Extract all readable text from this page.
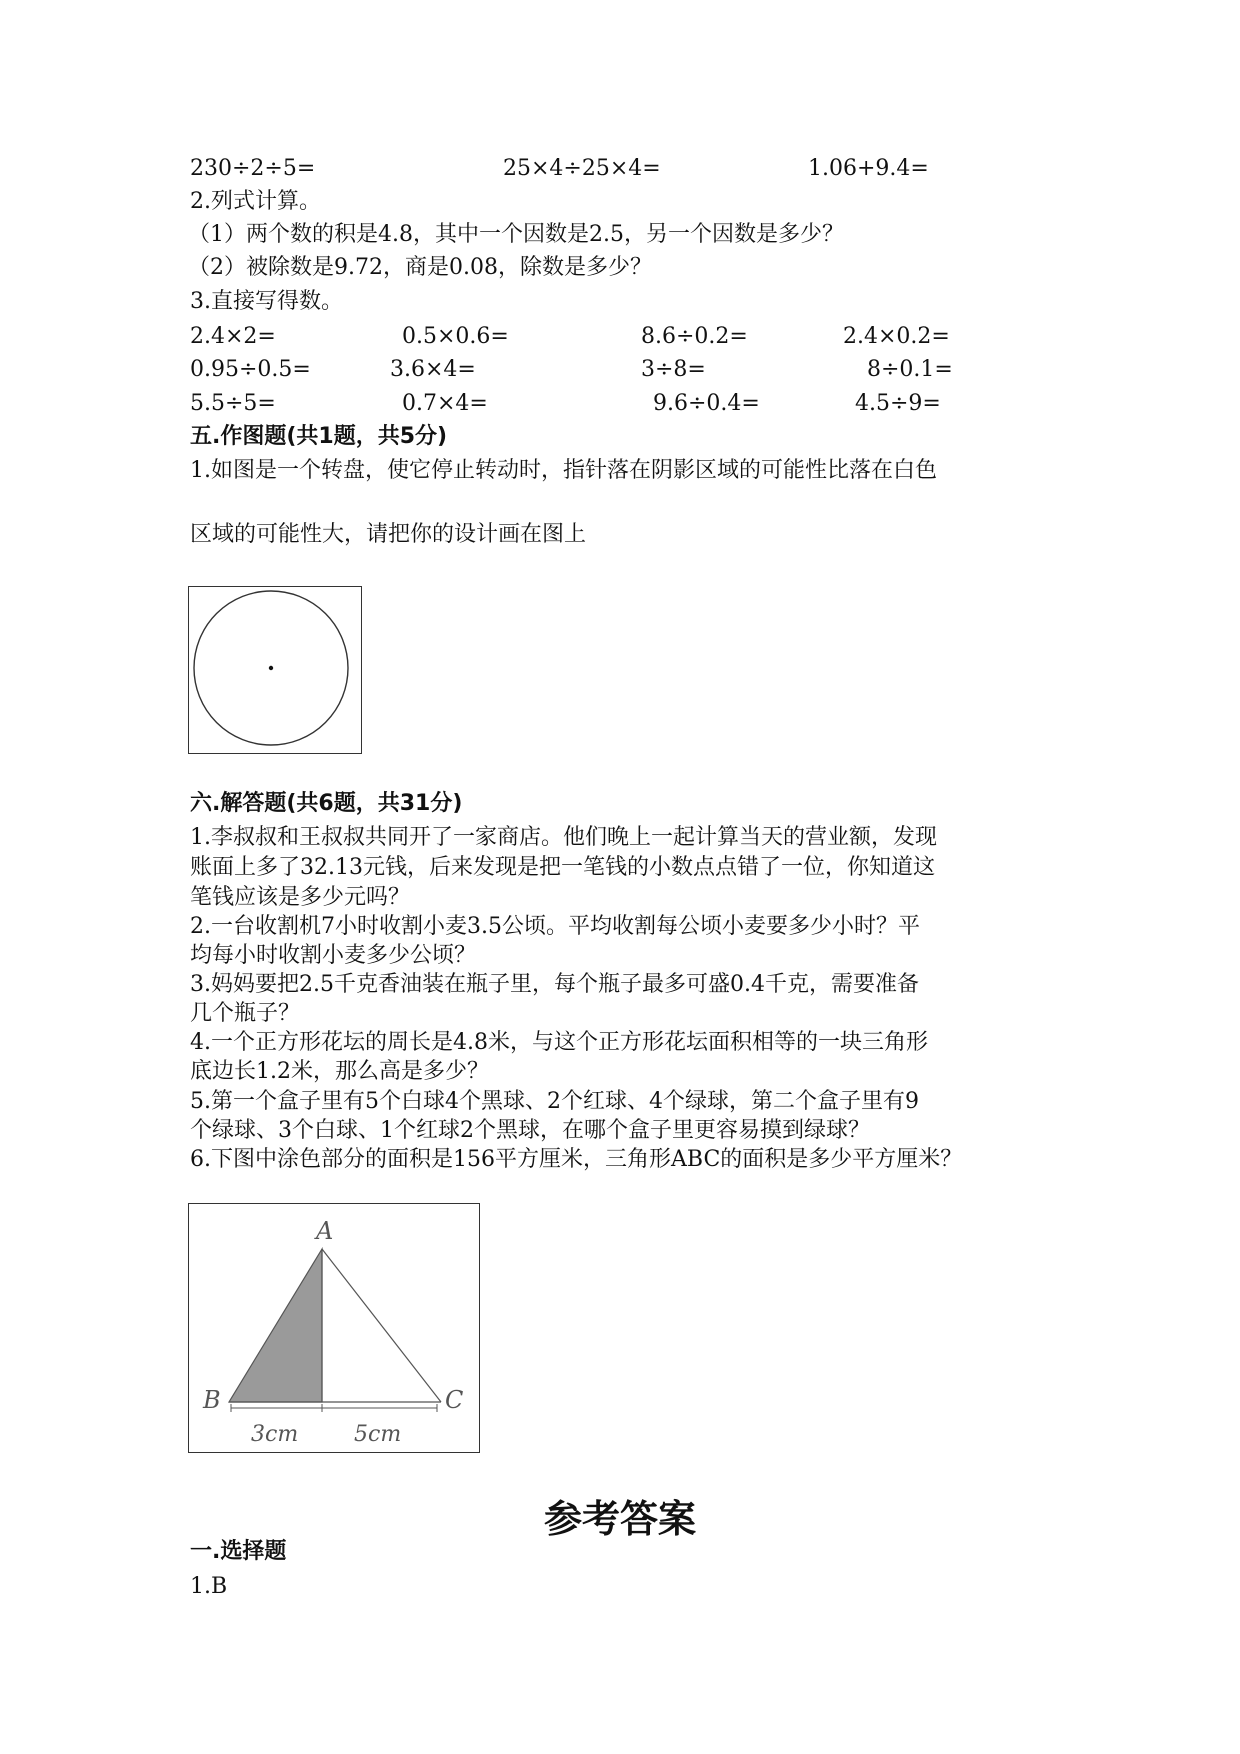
230÷2÷5=	25×4÷25×4=	1.06+9.4=
2.列式计算。
（1）两个数的积是4.8，其中一个因数是2.5，另一个因数是多少？
（2）被除数是9.72，商是0.08，除数是多少？
3.直接写得数。
2.4×2=	0.5×0.6=	8.6÷0.2=	2.4×0.2=
0.95÷0.5=	3.6×4=	3÷8=	8÷0.1=
5.5÷5=	0.7×4=	9.6÷0.4=	4.5÷9=
五.作图题(共1题，共5分)
1.如图是一个转盘，使它停止转动时，指针落在阴影区域的可能性比落在白色
区域的可能性大，请把你的设计画在图上
六.解答题(共6题，共31分)
1.李叔叔和王叔叔共同开了一家商店。他们晚上一起计算当天的营业额，发现
账面上多了32.13元钱，后来发现是把一笔钱的小数点点错了一位，你知道这
笔钱应该是多少元吗？
2.一台收割机7小时收割小麦3.5公顷。平均收割每公顷小麦要多少小时？平
均每小时收割小麦多少公顷？
3.妈妈要把2.5千克香油装在瓶子里，每个瓶子最多可盛0.4千克，需要准备
几个瓶子？
4.一个正方形花坛的周长是4.8米，与这个正方形花坛面积相等的一块三角形
底边长1.2米，那么高是多少？
5.第一个盒子里有5个白球4个黑球、2个红球、4个绿球，第二个盒子里有9
个绿球、3个白球、1个红球2个黑球，在哪个盒子里更容易摸到绿球？
6.下图中涂色部分的面积是156平方厘米，三角形ABC的面积是多少平方厘米？
A
B	C
3cm	5cm
参考答案
一.选择题
1.B
